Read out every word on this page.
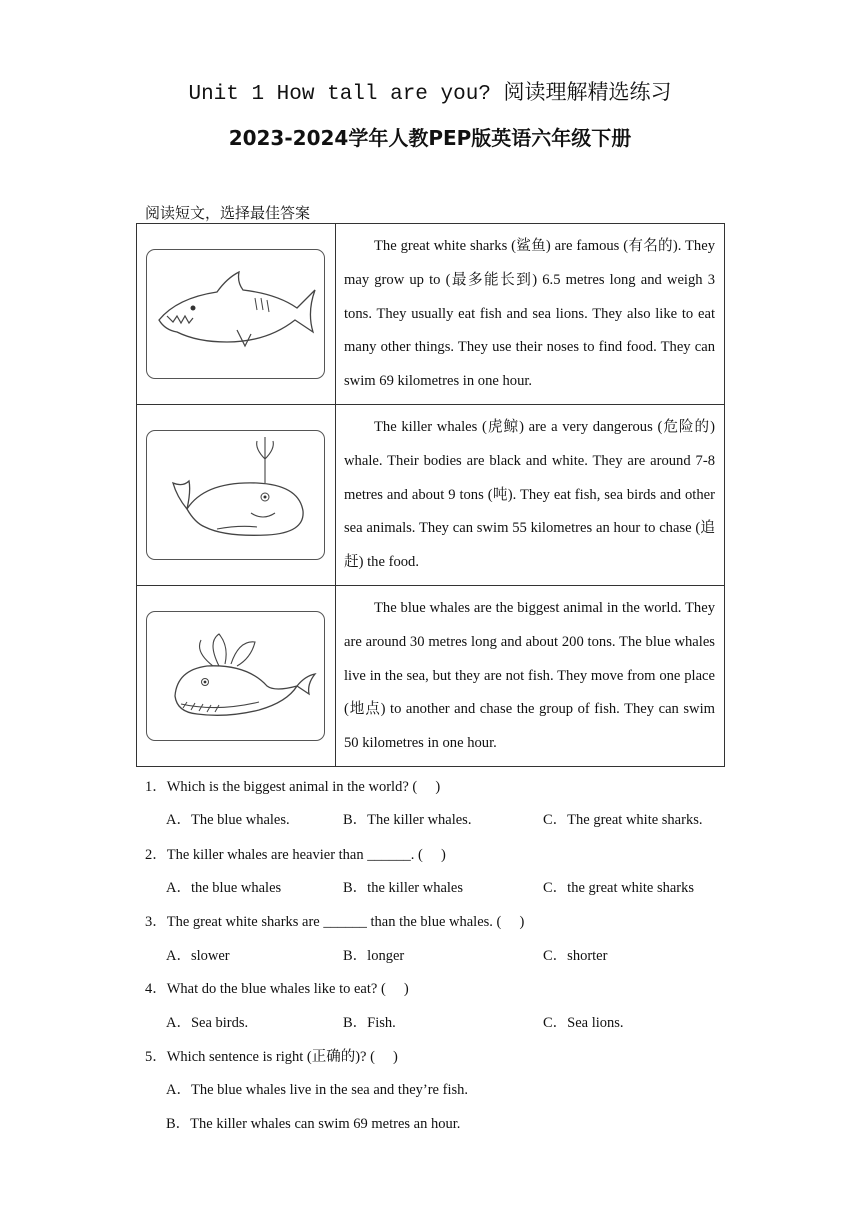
Unit 1 How tall are you? 阅读理解精选练习
2023-2024学年人教PEP版英语六年级下册
阅读短文，选择最佳答案
	The great white sharks (鲨鱼) are famous (有名的). They may grow up to (最多能长到) 6.5 metres long and weigh 3 tons. They usually eat fish and sea lions. They also like to eat many other things. They use their noses to find food. They can swim 69 kilometres in one hour.

	The killer whales (虎鲸) are a very dangerous (危险的) whale. Their bodies are black and white. They are around 7-8 metres and about 9 tons (吨). They eat fish, sea birds and other sea animals. They can swim 55 kilometres an hour to chase (追赶) the food.

	The blue whales are the biggest animal in the world. They are around 30 metres long and about 200 tons. The blue whales live in the sea, but they are not fish. They move from one place (地点) to another and chase the group of fish. They can swim 50 kilometres in one hour.
1．Which is the biggest animal in the world? (　 )
A．The blue whales.	B．The killer whales.	C．The great white sharks.
2．The killer whales are heavier than ______. (　 )
A．the blue whales	B．the killer whales	C．the great white sharks
3．The great white sharks are ______ than the blue whales. (　 )
A．slower	B．longer	C．shorter
4．What do the blue whales like to eat? (　 )
A．Sea birds.	B．Fish.	C．Sea lions.
5．Which sentence is right (正确的)? (　 )
A．The blue whales live in the sea and they’re fish.
B．The killer whales can swim 69 metres an hour.
